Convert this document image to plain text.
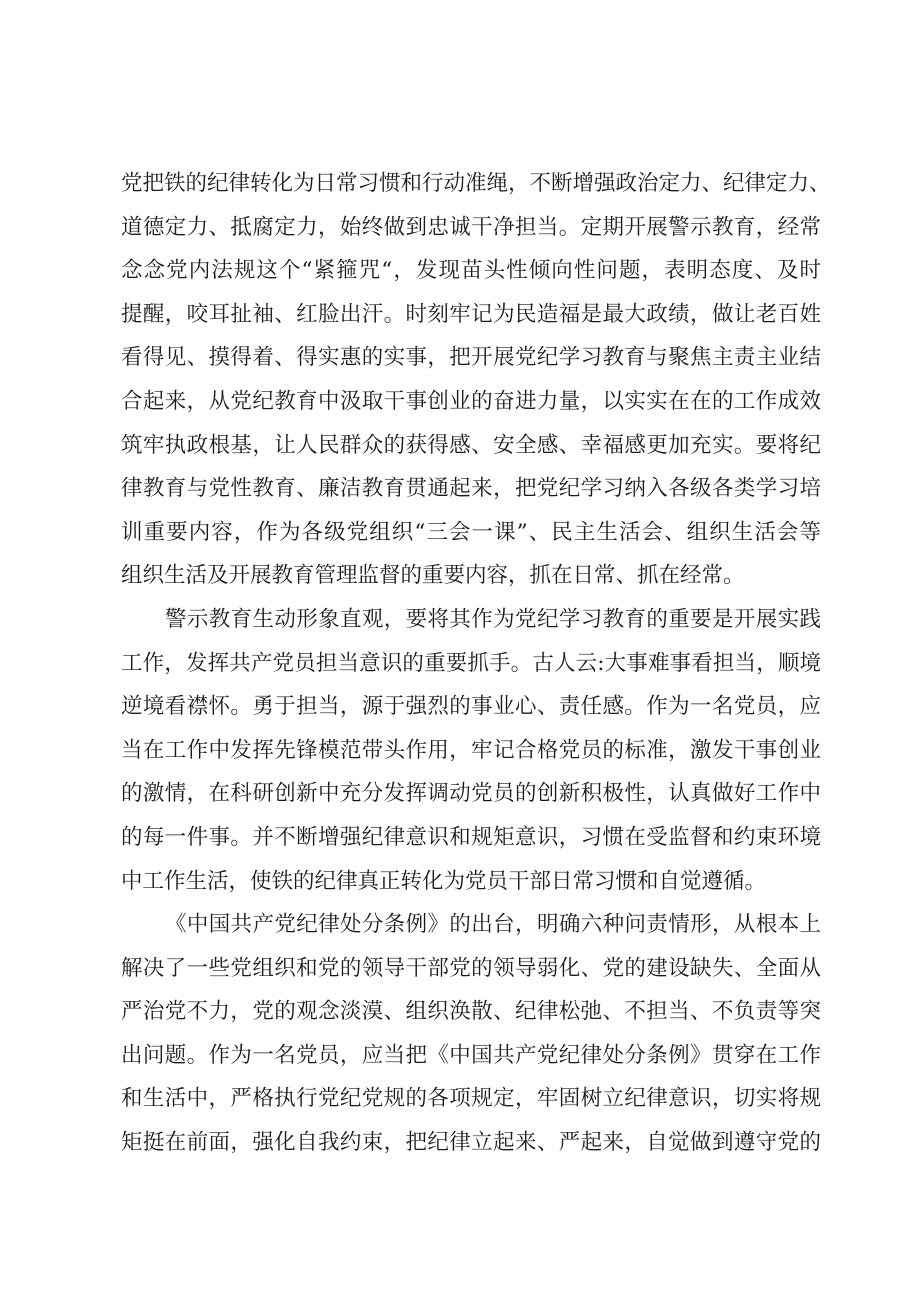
党把铁的纪律转化为日常习惯和行动准绳，不断增强政治定力、纪律定力、
道德定力、抵腐定力，始终做到忠诚干净担当。定期开展警示教育，经常
念念党内法规这个“紧箍咒“，发现苗头性倾向性问题，表明态度、及时
提醒，咬耳扯袖、红脸出汗。时刻牢记为民造福是最大政绩，做让老百姓
看得见、摸得着、得实惠的实事，把开展党纪学习教育与聚焦主责主业结
合起来，从党纪教育中汲取干事创业的奋进力量，以实实在在的工作成效
筑牢执政根基，让人民群众的获得感、安全感、幸福感更加充实。要将纪
律教育与党性教育、廉洁教育贯通起来，把党纪学习纳入各级各类学习培
训重要内容，作为各级党组织“三会一课”、民主生活会、组织生活会等
组织生活及开展教育管理监督的重要内容，抓在日常、抓在经常。
警示教育生动形象直观，要将其作为党纪学习教育的重要是开展实践
工作，发挥共产党员担当意识的重要抓手。古人云:大事难事看担当，顺境
逆境看襟怀。勇于担当，源于强烈的事业心、责任感。作为一名党员，应
当在工作中发挥先锋模范带头作用，牢记合格党员的标准，激发干事创业
的激情，在科研创新中充分发挥调动党员的创新积极性，认真做好工作中
的每一件事。并不断增强纪律意识和规矩意识，习惯在受监督和约束环境
中工作生活，使铁的纪律真正转化为党员干部日常习惯和自觉遵循。
《中国共产党纪律处分条例》的出台，明确六种问责情形，从根本上
解决了一些党组织和党的领导干部党的领导弱化、党的建设缺失、全面从
严治党不力，党的观念淡漠、组织涣散、纪律松弛、不担当、不负责等突
出问题。作为一名党员，应当把《中国共产党纪律处分条例》贯穿在工作
和生活中，严格执行党纪党规的各项规定，牢固树立纪律意识，切实将规
矩挺在前面，强化自我约束，把纪律立起来、严起来，自觉做到遵守党的
